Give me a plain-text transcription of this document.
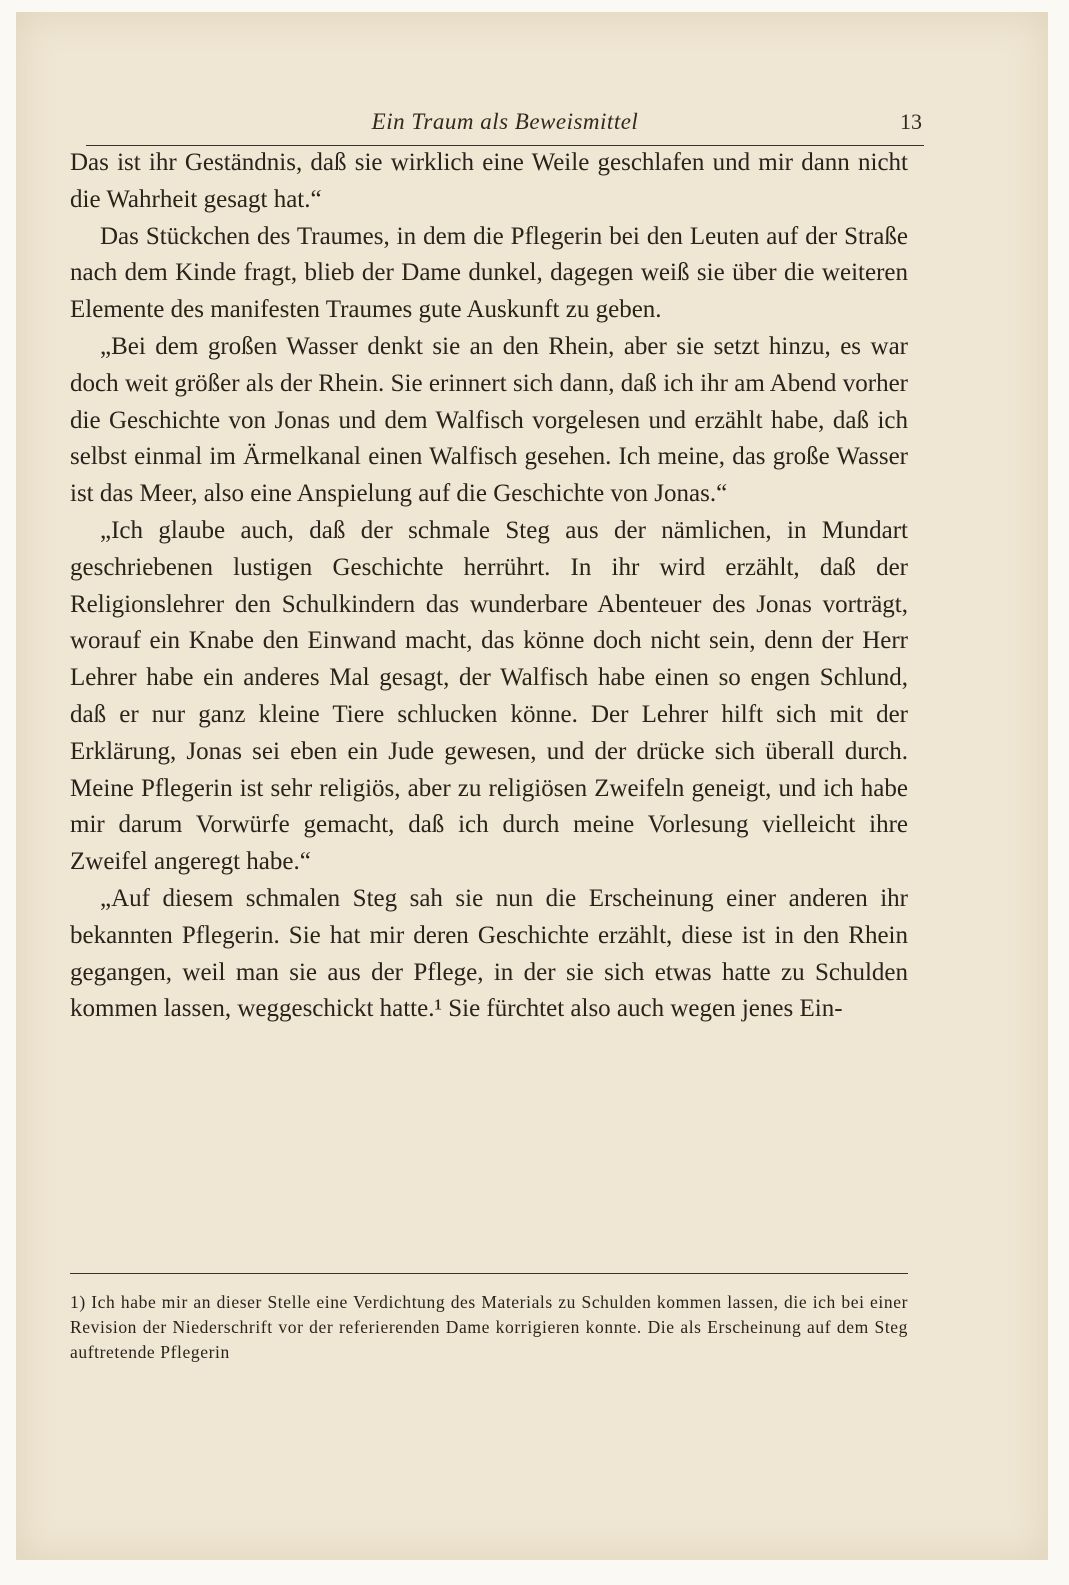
Ein Traum als Beweismittel	13

Das ist ihr Geständnis, daß sie wirklich eine Weile geschlafen und mir dann nicht die Wahrheit gesagt hat.“

Das Stückchen des Traumes, in dem die Pflegerin bei den Leuten auf der Straße nach dem Kinde fragt, blieb der Dame dunkel, dagegen weiß sie über die weiteren Elemente des manifesten Traumes gute Auskunft zu geben.

„Bei dem großen Wasser denkt sie an den Rhein, aber sie setzt hinzu, es war doch weit größer als der Rhein. Sie erinnert sich dann, daß ich ihr am Abend vorher die Geschichte von Jonas und dem Walfisch vorgelesen und erzählt habe, daß ich selbst einmal im Ärmelkanal einen Walfisch gesehen. Ich meine, das große Wasser ist das Meer, also eine Anspielung auf die Geschichte von Jonas.“

„Ich glaube auch, daß der schmale Steg aus der nämlichen, in Mundart geschriebenen lustigen Geschichte herrührt. In ihr wird erzählt, daß der Religionslehrer den Schulkindern das wunderbare Abenteuer des Jonas vorträgt, worauf ein Knabe den Einwand macht, das könne doch nicht sein, denn der Herr Lehrer habe ein anderes Mal gesagt, der Walfisch habe einen so engen Schlund, daß er nur ganz kleine Tiere schlucken könne. Der Lehrer hilft sich mit der Erklärung, Jonas sei eben ein Jude gewesen, und der drücke sich überall durch. Meine Pflegerin ist sehr religiös, aber zu religiösen Zweifeln geneigt, und ich habe mir darum Vorwürfe gemacht, daß ich durch meine Vorlesung vielleicht ihre Zweifel angeregt habe.“

„Auf diesem schmalen Steg sah sie nun die Erscheinung einer anderen ihr bekannten Pflegerin. Sie hat mir deren Geschichte erzählt, diese ist in den Rhein gegangen, weil man sie aus der Pflege, in der sie sich etwas hatte zu Schulden kommen lassen, weggeschickt hatte.¹ Sie fürchtet also auch wegen jenes Ein-

1) Ich habe mir an dieser Stelle eine Verdichtung des Materials zu Schulden kommen lassen, die ich bei einer Revision der Niederschrift vor der referierenden Dame korrigieren konnte. Die als Erscheinung auf dem Steg auftretende Pflegerin
